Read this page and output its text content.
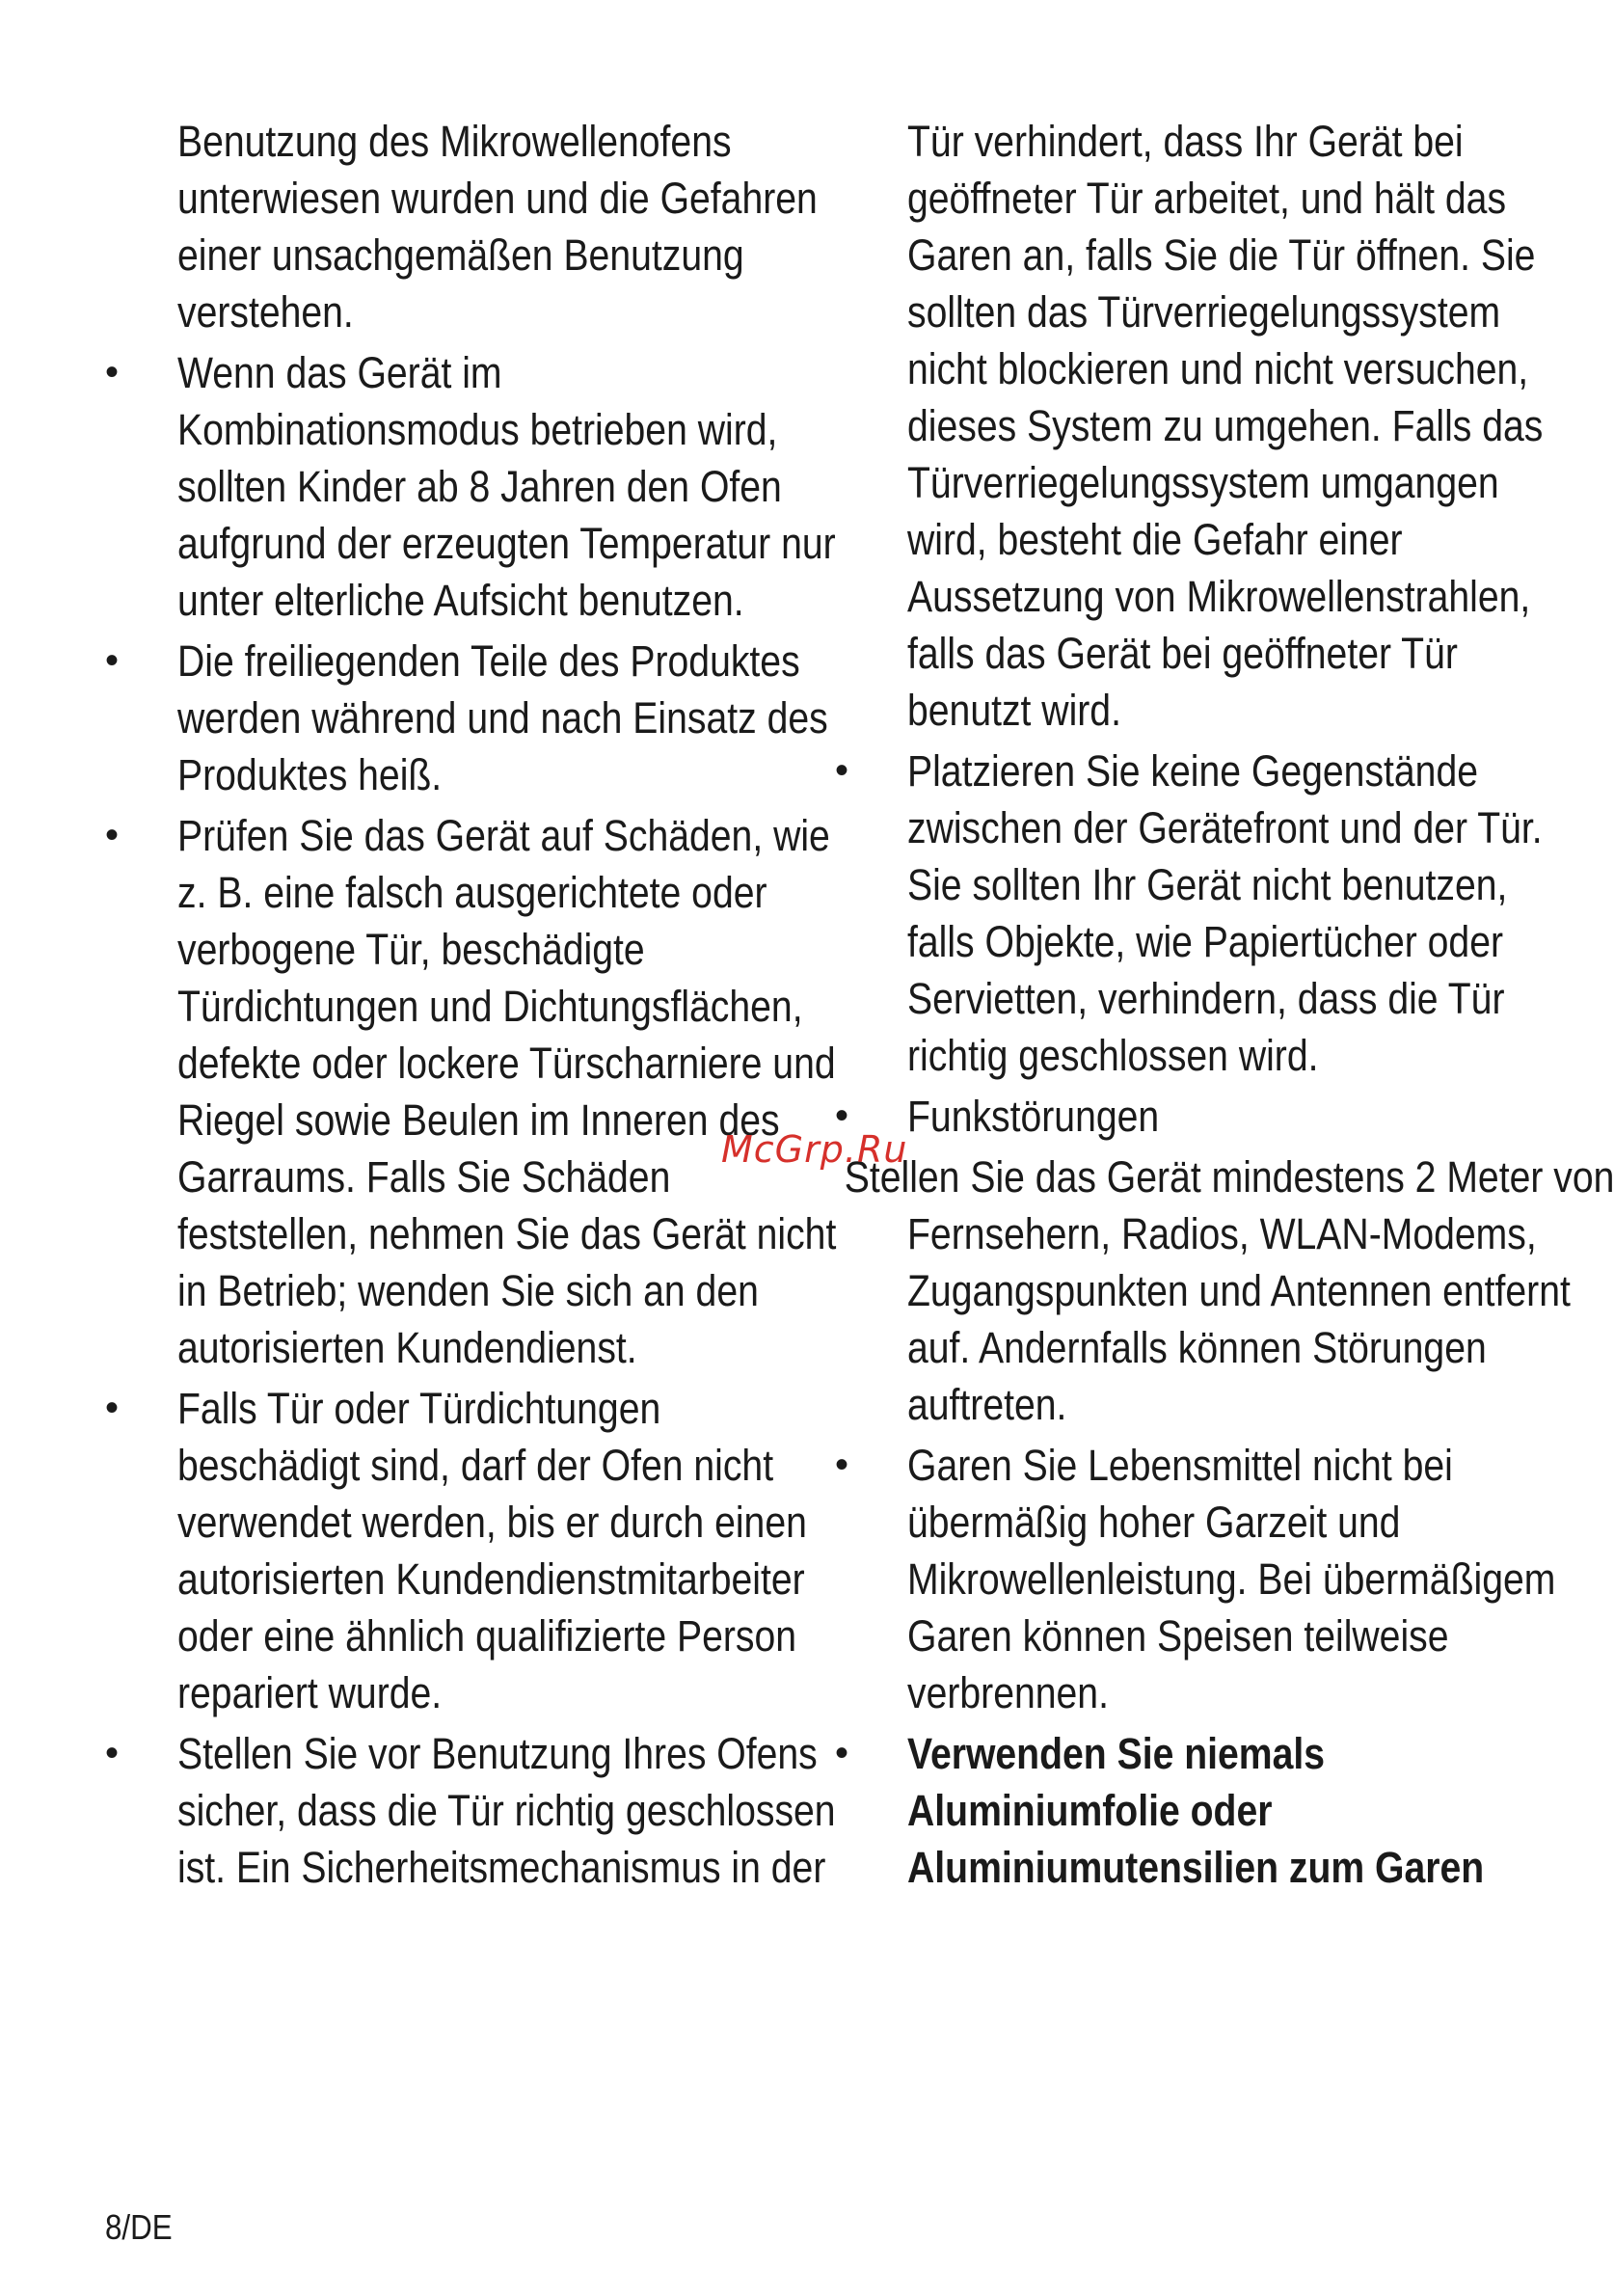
Benutzung des Mikrowellenofens unterwiesen wurden und die Gefahren einer unsachgemäßen Benutzung verstehen.
• Wenn das Gerät im Kombinationsmodus betrieben wird, sollten Kinder ab 8 Jahren den Ofen aufgrund der erzeugten Temperatur nur unter elterliche Aufsicht benutzen.
• Die freiliegenden Teile des Produktes werden während und nach Einsatz des Produktes heiß.
• Prüfen Sie das Gerät auf Schäden, wie z. B. eine falsch ausgerichtete oder verbogene Tür, beschädigte Türdichtungen und Dichtungsflächen, defekte oder lockere Türscharniere und Riegel sowie Beulen im Inneren des Garraums. Falls Sie Schäden feststellen, nehmen Sie das Gerät nicht in Betrieb; wenden Sie sich an den autorisierten Kundendienst.
• Falls Tür oder Türdichtungen beschädigt sind, darf der Ofen nicht verwendet werden, bis er durch einen autorisierten Kundendienstmitarbeiter oder eine ähnlich qualifizierte Person repariert wurde.
• Stellen Sie vor Benutzung Ihres Ofens sicher, dass die Tür richtig geschlossen ist. Ein Sicherheitsmechanismus in der
Tür verhindert, dass Ihr Gerät bei geöffneter Tür arbeitet, und hält das Garen an, falls Sie die Tür öffnen. Sie sollten das Türverriegelungssystem nicht blockieren und nicht versuchen, dieses System zu umgehen. Falls das Türverriegelungssystem umgangen wird, besteht die Gefahr einer Aussetzung von Mikrowellenstrahlen, falls das Gerät bei geöffneter Tür benutzt wird.
• Platzieren Sie keine Gegenstände zwischen der Gerätefront und der Tür. Sie sollten Ihr Gerät nicht benutzen, falls Objekte, wie Papiertücher oder Servietten, verhindern, dass die Tür richtig geschlossen wird.
• Funkstörungen
Stellen Sie das Gerät mindestens 2 Meter von Fernsehern, Radios, WLAN-Modems, Zugangspunkten und Antennen entfernt auf. Andernfalls können Störungen auftreten.
• Garen Sie Lebensmittel nicht bei übermäßig hoher Garzeit und Mikrowellenleistung. Bei übermäßigem Garen können Speisen teilweise verbrennen.
• Verwenden Sie niemals Aluminiumfolie oder Aluminiumutensilien zum Garen
McGrp.Ru
8/DE
